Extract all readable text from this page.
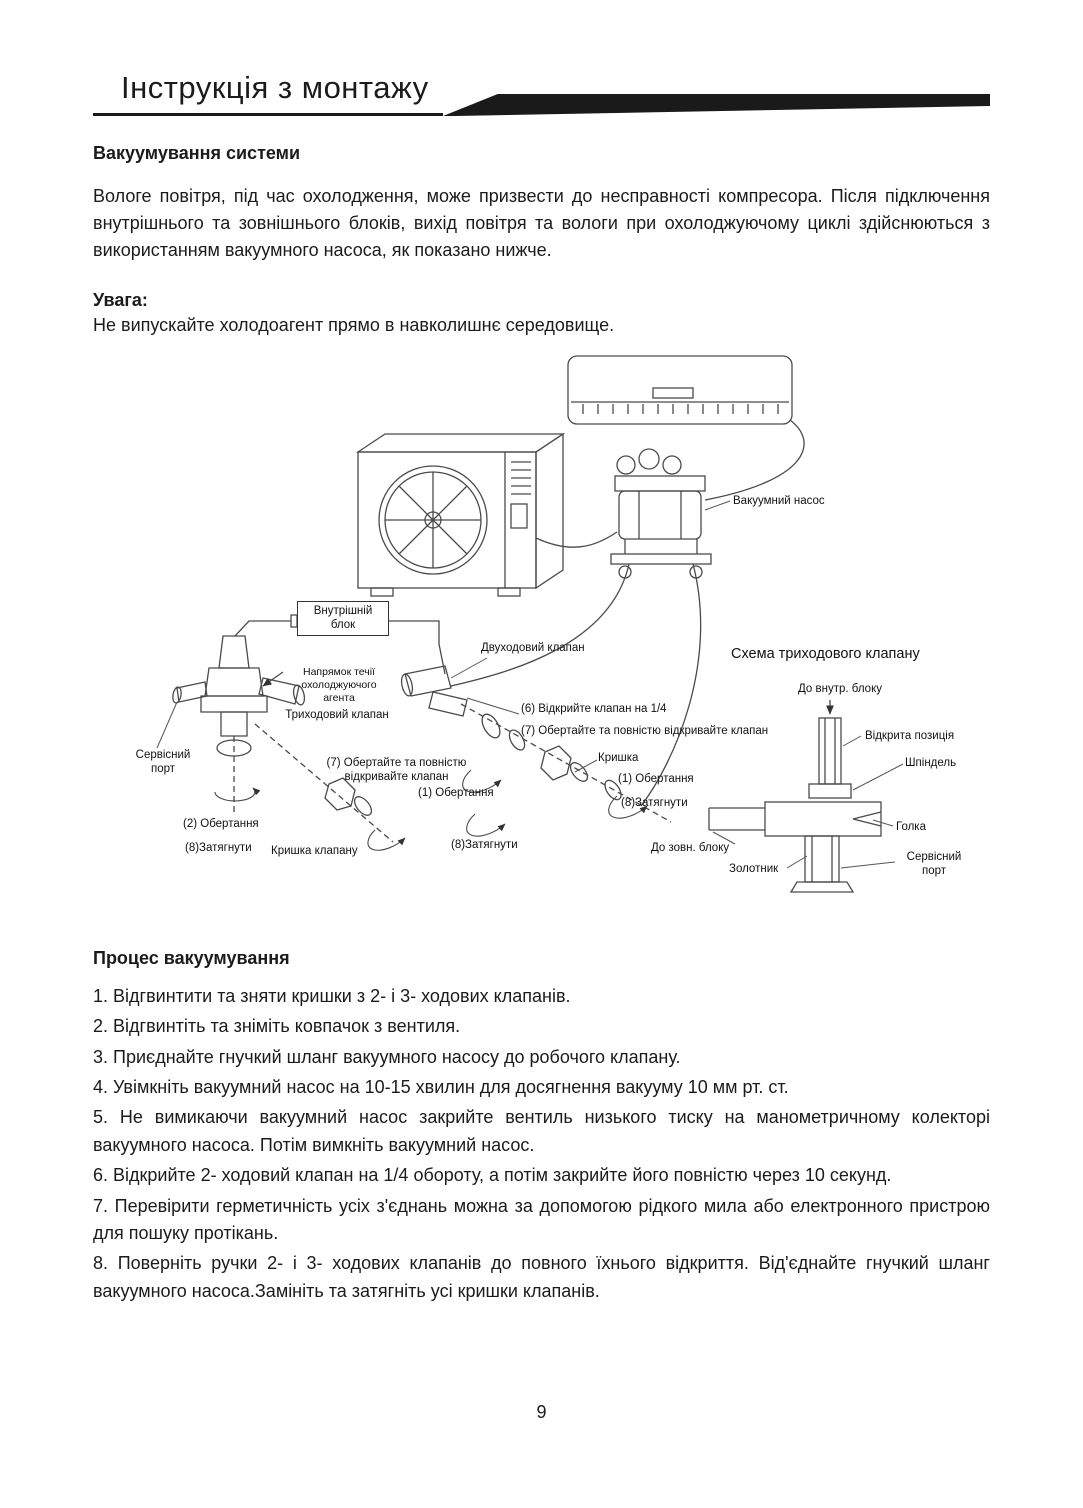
Інструкція з монтажу
Вакуумування системи
Вологе повітря, під час охолодження, може призвести до несправності компресора. Після підключення внутрішнього та зовнішнього блоків, вихід повітря та вологи при охолоджуючому циклі здійснюються з використанням вакуумного насоса, як показано нижче.
Увага:
Не випускайте холодоагент прямо в навколишнє середовище.
Вакуумний насос
Внутрішній блок
Двуходовий клапан
Напрямок течії охолоджуючого агента
Триходовий клапан	(6) Відкрийте клапан на 1/4
(7) Обертайте та повністю відкривайте клапан
Сервісний порт
(7) Обертайте та повністю відкривайте клапан
Кришка
(1) Обертання
(1) Обертання
(8)Затягнути
(2) Обертання
(8)Затягнути Кришка клапану	(8)Затягнути	До зовн. блоку
Схема триходового клапану
До внутр. блоку
Відкрита позиція
Шпіндель
Голка
Золотник
Сервісний порт
Процес вакуумування
1. Відгвинтити та зняти кришки з 2- і 3- ходових клапанів.
2. Відгвинтіть та зніміть ковпачок з вентиля.
3. Приєднайте гнучкий шланг вакуумного насосу до робочого клапану.
4. Увімкніть вакуумний насос на 10-15 хвилин для досягнення вакууму 10 мм рт. ст.
5. Не вимикаючи вакуумний насос закрийте вентиль низького тиску на манометричному колекторі вакуумного насоса. Потім вимкніть вакуумний насос.
6. Відкрийте 2- ходовий клапан на 1/4 обороту, а потім закрийте його повністю через 10 секунд.
7. Перевірити герметичність усіх з'єднань можна за допомогою рідкого мила або електронного пристрою для пошуку протікань.
8. Поверніть ручки 2- і 3- ходових клапанів до повного їхнього відкриття. Від'єднайте гнучкий шланг вакуумного насоса.Замініть та затягніть усі кришки клапанів.
9
